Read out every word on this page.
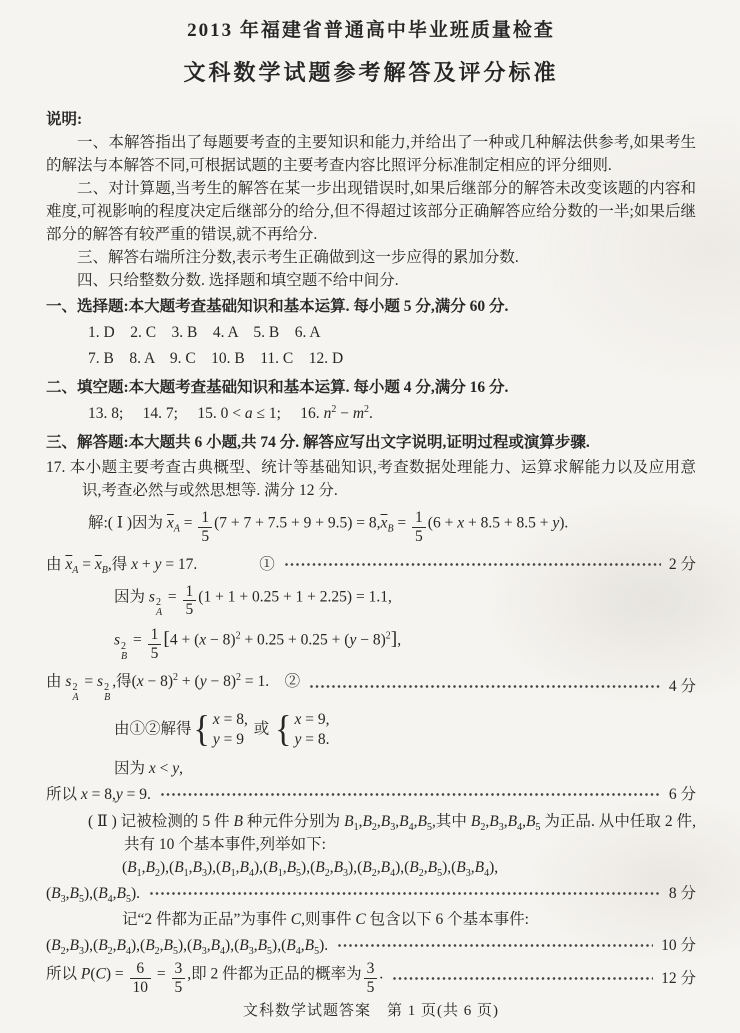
2013 年福建省普通高中毕业班质量检查
文科数学试题参考解答及评分标准

说明:

一、本解答指出了每题要考查的主要知识和能力,并给出了一种或几种解法供参考,如果考生的解法与本解答不同,可根据试题的主要考查内容比照评分标准制定相应的评分细则.

二、对计算题,当考生的解答在某一步出现错误时,如果后继部分的解答未改变该题的内容和难度,可视影响的程度决定后继部分的给分,但不得超过该部分正确解答应给分数的一半;如果后继部分的解答有较严重的错误,就不再给分.

三、解答右端所注分数,表示考生正确做到这一步应得的累加分数.

四、只给整数分数. 选择题和填空题不给中间分.

一、选择题:本大题考查基础知识和基本运算. 每小题 5 分,满分 60 分.

1. D　2. C　3. B　4. A　5. B　6. A

7. B　8. A　9. C　10. B　11. C　12. D

二、填空题:本大题考查基础知识和基本运算. 每小题 4 分,满分 16 分.

13. 8;　 14. 7;　 15. 0 < a ≤ 1;　 16. $n^2 - m^2$.

三、解答题:本大题共 6 小题,共 74 分. 解答应写出文字说明,证明过程或演算步骤.

17. 本小题主要考查古典概型、统计等基础知识,考查数据处理能力、运算求解能力以及应用意识,考查必然与或然思想等. 满分 12 分.

解:( Ⅰ )因为 $\overline{x}_A = \frac{1}{5} (7 + 7 + 7.5 + 9 + 9.5) = 8,\overline{x}_B = \frac{1}{5} (6 + x + 8.5 + 8.5 + y)$.

由 $\overline{x}_A = \overline{x}_B$,得 x + y = 17.　　　　①	2 分

因为 s 2
A
= $\frac{1}{5} (1 + 1 + 0.25 + 1 + 2.25) = 1.1$,

s 2
B
= $\frac{1}{5} [4 + (x - 8)^2 + 0.25 + 0.25 + (y - 8)^2]$,

由 s 2
A
= s 2
B
,得$(x - 8)^2 + (y - 8)^2 = 1$.　②	4 分

由①②解得 { x = 8,
y = 9
或 { x = 9,
y = 8.

因为 x < y,

所以 x = 8,y = 9.	6 分

( Ⅱ ) 记被检测的 5 件 B 种元件分别为 $B_1,B_2,B_3,B_4,B_5$,其中 $B_2,B_3,B_4,B_5$ 为正品. 从中任取 2 件,共有 10 个基本事件,列举如下:

$(B_1,B_2),(B_1,B_3),(B_1,B_4),(B_1,B_5),(B_2,B_3),(B_2,B_4),(B_2,B_5),(B_3,B_4)$,

$(B_3,B_5),(B_4,B_5)$.	8 分

记“2 件都为正品”为事件 C,则事件 C 包含以下 6 个基本事件:

$(B_2,B_3),(B_2,B_4),(B_2,B_5),(B_3,B_4),(B_3,B_5),(B_4,B_5)$.	10 分
所以 $P(C) = \frac{6}{10} = \frac{3}{5}$ ,即 2 件都为正品的概率为 $\frac{3}{5}$ .	12 分
文科数学试题答案　第 1 页(共 6 页)
